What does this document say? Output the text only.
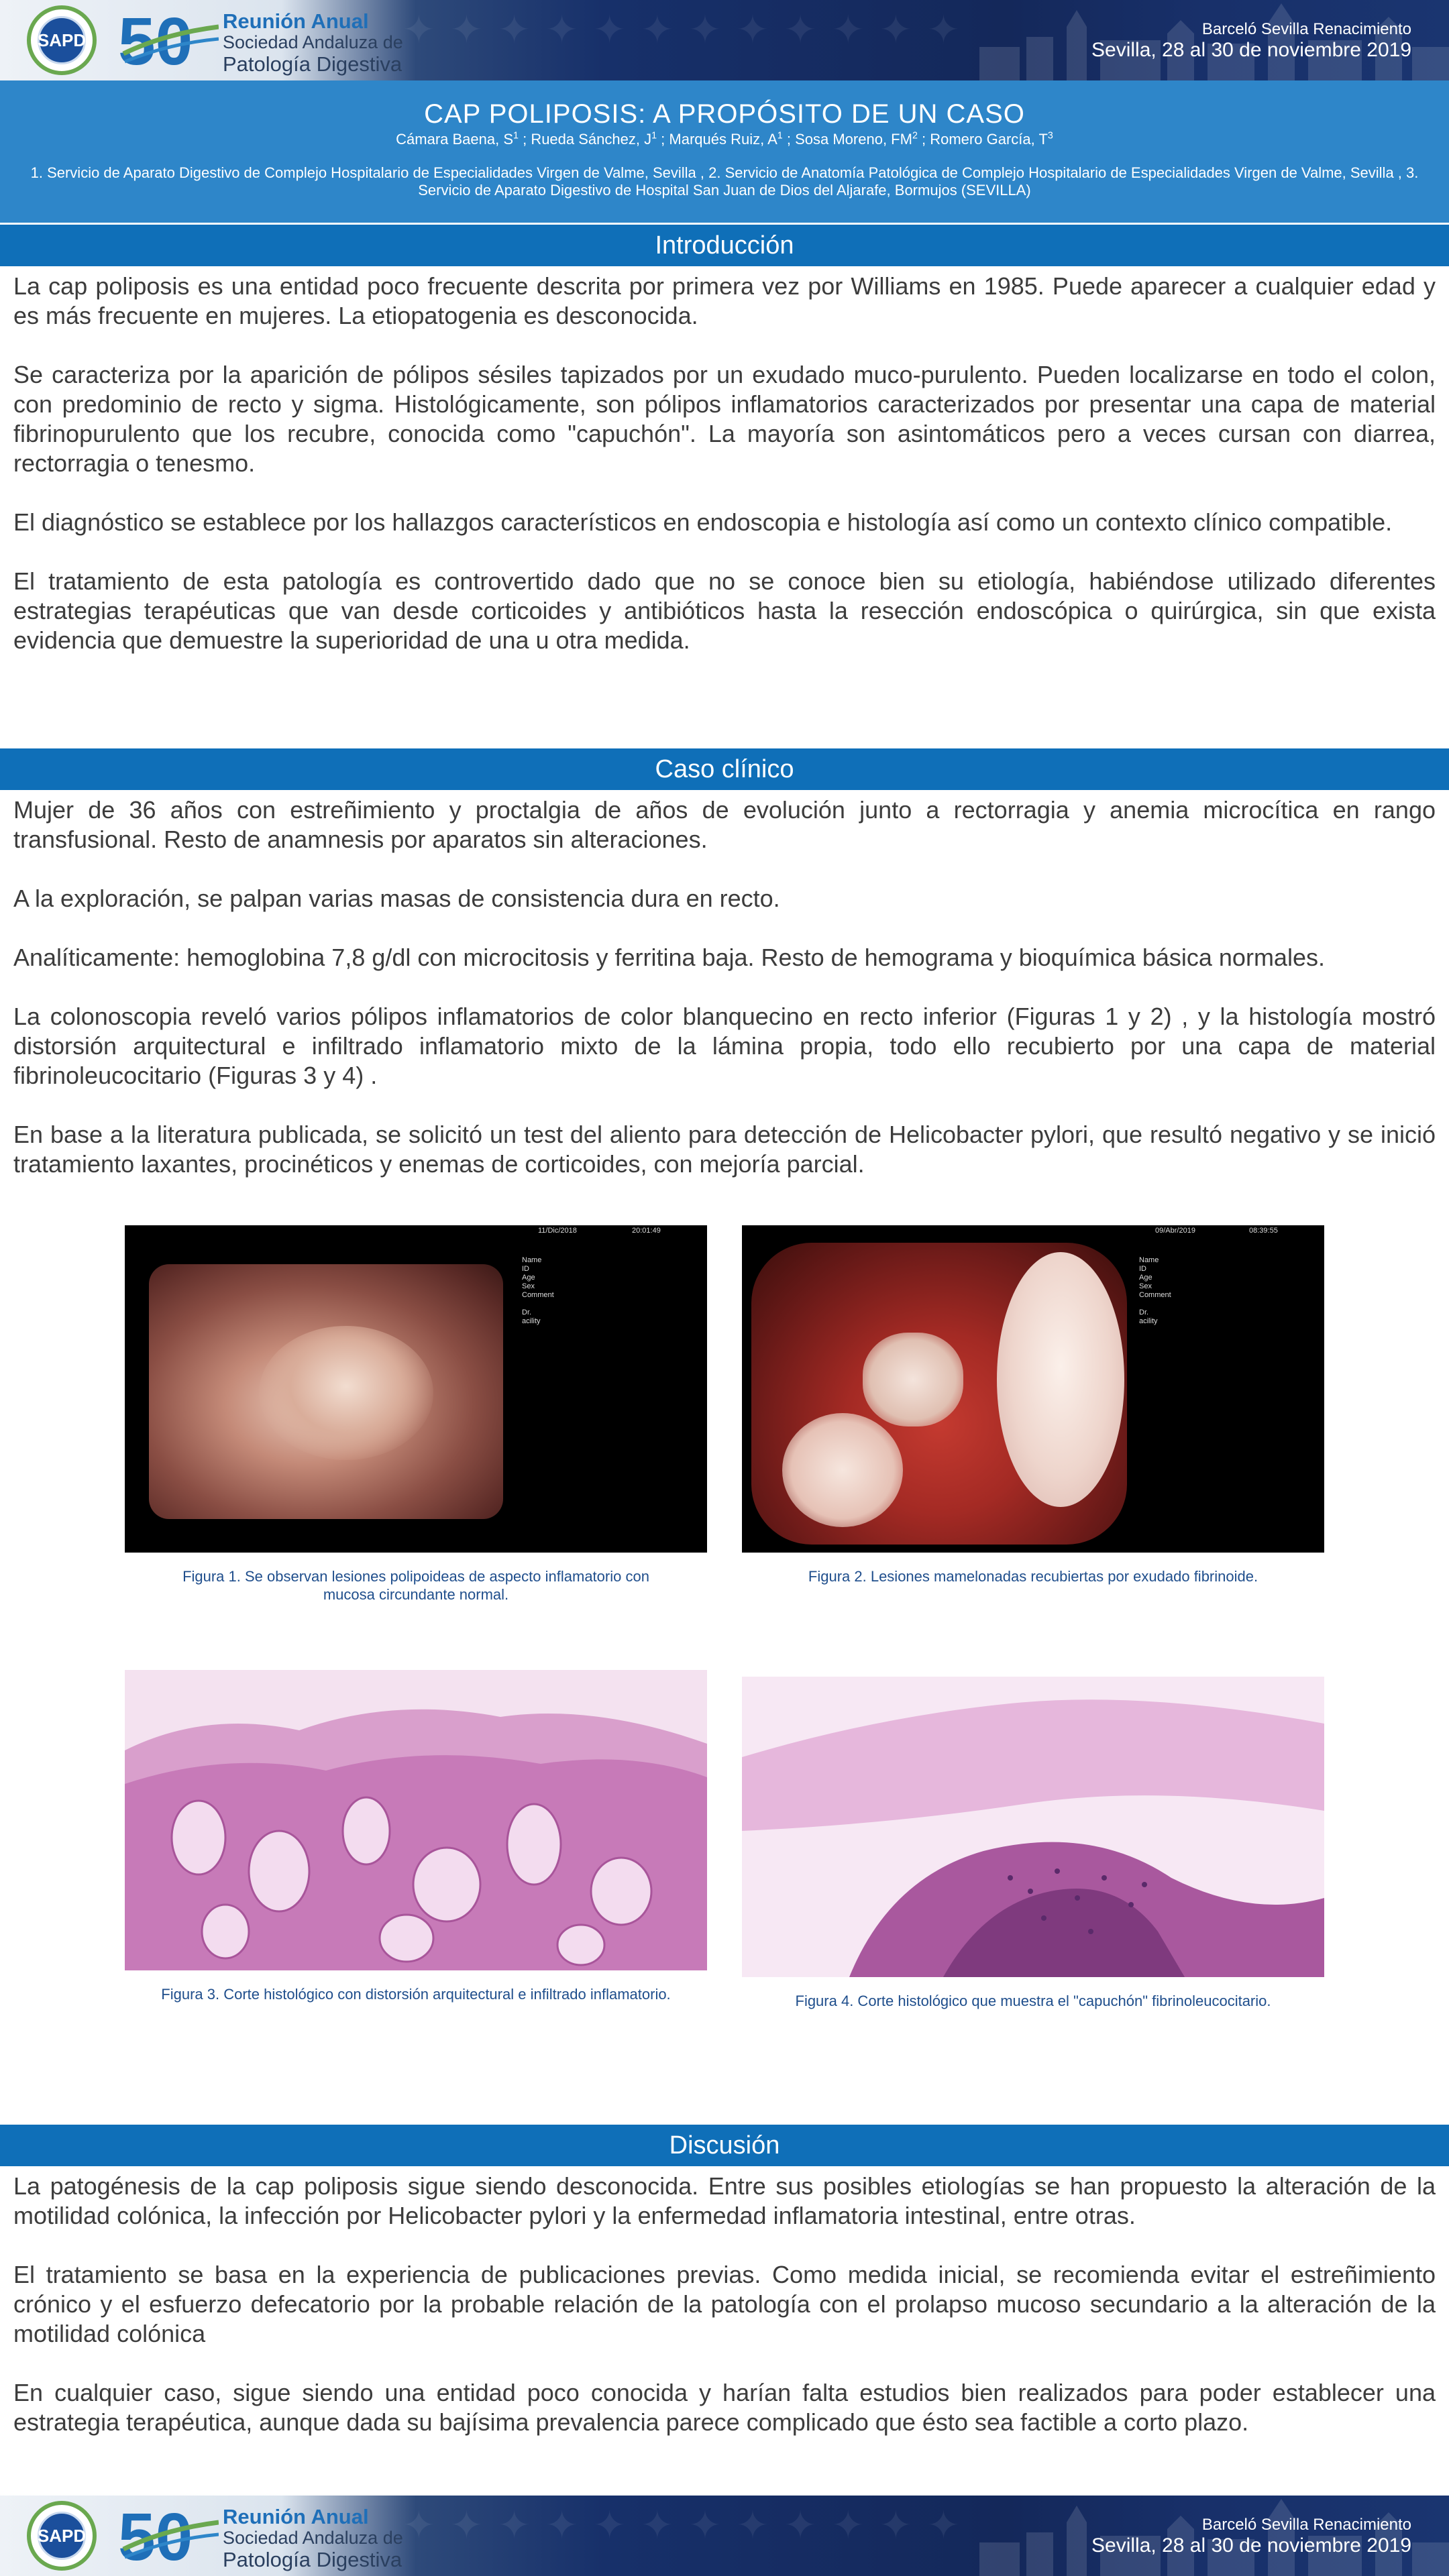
✦ ✦ ✦ ✦ ✦ ✦ ✦ ✦ ✦ ✦ ✦ ✦
SAPD 50 Reunión Anual
Sociedad Andaluza de
Patología Digestiva
Barceló Sevilla Renacimiento
Sevilla, 28 al 30 de noviembre 2019
CAP POLIPOSIS: A PROPÓSITO DE UN CASO
Cámara Baena, $S^1$ ; Rueda Sánchez, $J^1$ ; Marqués Ruiz, $A^1$ ; Sosa Moreno, $FM^2$ ; Romero García, $T^3$
1. Servicio de Aparato Digestivo de Complejo Hospitalario de Especialidades Virgen de Valme, Sevilla , 2. Servicio de Anatomía Patológica de Complejo Hospitalario de Especialidades Virgen de Valme, Sevilla , 3. Servicio de Aparato Digestivo de Hospital San Juan de Dios del Aljarafe, Bormujos (SEVILLA)
Introducción

La cap poliposis es una entidad poco frecuente descrita por primera vez por Williams en 1985. Puede aparecer a cualquier edad y es más frecuente en mujeres. La etiopatogenia es desconocida.

Se caracteriza por la aparición de pólipos sésiles tapizados por un exudado muco-purulento. Pueden localizarse en todo el colon, con predominio de recto y sigma. Histológicamente, son pólipos inflamatorios caracterizados por presentar una capa de material fibrinopurulento que los recubre, conocida como "capuchón". La mayoría son asintomáticos pero a veces cursan con diarrea, rectorragia o tenesmo.

El diagnóstico se establece por los hallazgos característicos en endoscopia e histología así como un contexto clínico compatible.

El tratamiento de esta patología es controvertido dado que no se conoce bien su etiología, habiéndose utilizado diferentes estrategias terapéuticas que van desde corticoides y antibióticos hasta la resección endoscópica o quirúrgica, sin que exista evidencia que demuestre la superioridad de una u otra medida.

Caso clínico

Mujer de 36 años con estreñimiento y proctalgia de años de evolución junto a rectorragia y anemia microcítica en rango transfusional. Resto de anamnesis por aparatos sin alteraciones.

A la exploración, se palpan varias masas de consistencia dura en recto.

Analíticamente: hemoglobina 7,8 g/dl con microcitosis y ferritina baja. Resto de hemograma y bioquímica básica normales.

La colonoscopia reveló varios pólipos inflamatorios de color blanquecino en recto inferior (Figuras 1 y 2) , y la histología mostró distorsión arquitectural e infiltrado inflamatorio mixto de la lámina propia, todo ello recubierto por una capa de material fibrinoleucocitario (Figuras 3 y 4) .

En base a la literatura publicada, se solicitó un test del aliento para detección de Helicobacter pylori, que resultó negativo y se inició tratamiento laxantes, procinéticos y enemas de corticoides, con mejoría parcial.

11/Dic/2018	20:01:49
Name
ID
Age
Sex
Comment
Dr.
acility
Figura 1. Se observan lesiones polipoideas de aspecto inflamatorio con mucosa circundante normal.
09/Abr/2019	08:39:55
Name
ID
Age
Sex
Comment
Dr.
acility
Figura 2. Lesiones mamelonadas recubiertas por exudado fibrinoide.
Figura 3. Corte histológico con distorsión arquitectural e infiltrado inflamatorio.	Figura 4. Corte histológico que muestra el "capuchón" fibrinoleucocitario.
Discusión

La patogénesis de la cap poliposis sigue siendo desconocida. Entre sus posibles etiologías se han propuesto la alteración de la motilidad colónica, la infección por Helicobacter pylori y la enfermedad inflamatoria intestinal, entre otras.

El tratamiento se basa en la experiencia de publicaciones previas. Como medida inicial, se recomienda evitar el estreñimiento crónico y el esfuerzo defecatorio por la probable relación de la patología con el prolapso mucoso secundario a la alteración de la motilidad colónica

En cualquier caso, sigue siendo una entidad poco conocida y harían falta estudios bien realizados para poder establecer una estrategia terapéutica, aunque dada su bajísima prevalencia parece complicado que ésto sea factible a corto plazo.

✦ ✦ ✦ ✦ ✦ ✦ ✦ ✦ ✦ ✦ ✦ ✦
SAPD 50 Reunión Anual
Sociedad Andaluza de
Patología Digestiva
Barceló Sevilla Renacimiento
Sevilla, 28 al 30 de noviembre 2019
